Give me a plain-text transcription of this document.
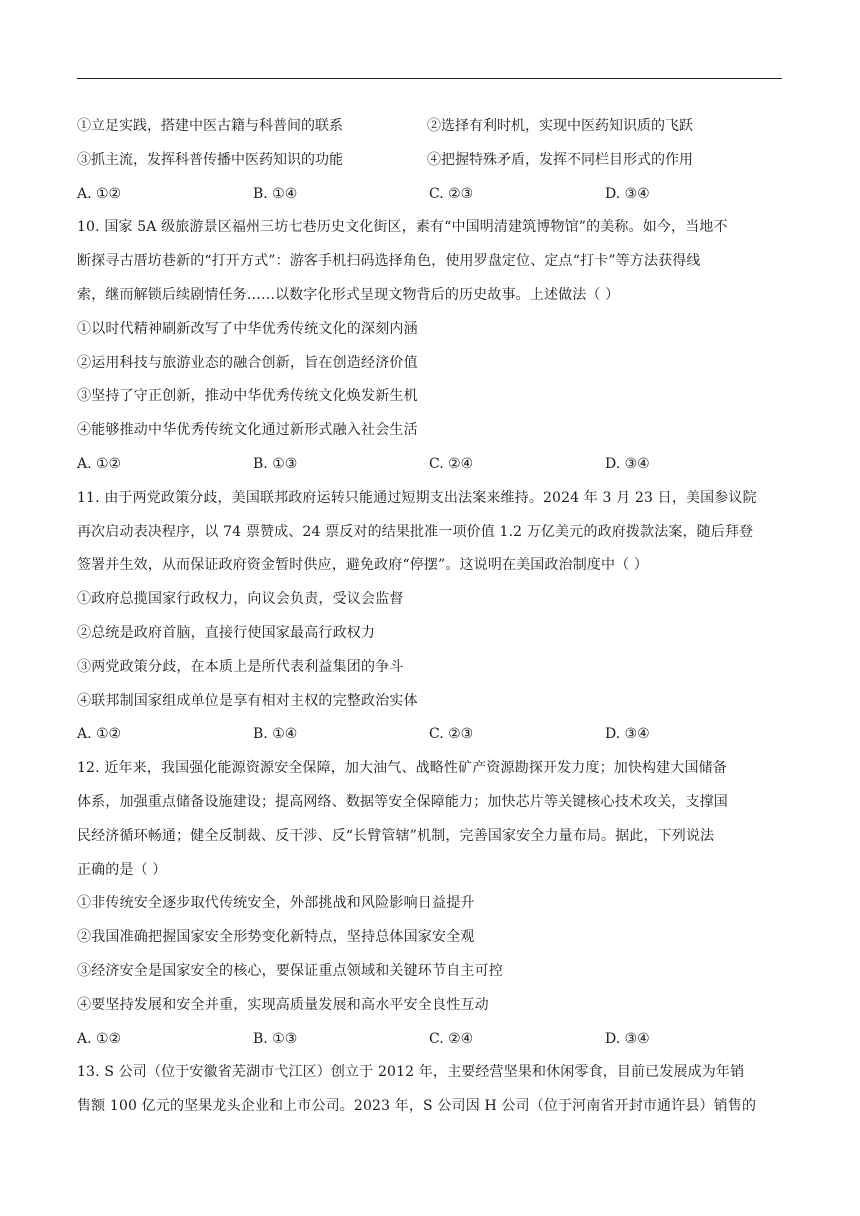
①立足实践，搭建中医古籍与科普间的联系	②选择有利时机，实现中医药知识质的飞跃
③抓主流，发挥科普传播中医药知识的功能	④把握特殊矛盾，发挥不同栏目形式的作用
A. ①②	B. ①④	C. ②③	D. ③④
10. 国家 5A 级旅游景区福州三坊七巷历史文化街区，素有“中国明清建筑博物馆”的美称。如今，当地不
断探寻古厝坊巷新的“打开方式”：游客手机扫码选择角色，使用罗盘定位、定点“打卡”等方法获得线
索，继而解锁后续剧情任务……以数字化形式呈现文物背后的历史故事。上述做法（ ）
①以时代精神刷新改写了中华优秀传统文化的深刻内涵
②运用科技与旅游业态的融合创新，旨在创造经济价值
③坚持了守正创新，推动中华优秀传统文化焕发新生机
④能够推动中华优秀传统文化通过新形式融入社会生活
A. ①②	B. ①③	C. ②④	D. ③④
11. 由于两党政策分歧，美国联邦政府运转只能通过短期支出法案来维持。2024 年 3 月 23 日，美国参议院
再次启动表决程序，以 74 票赞成、24 票反对的结果批准一项价值 1.2 万亿美元的政府拨款法案，随后拜登
签署并生效，从而保证政府资金暂时供应，避免政府“停摆”。这说明在美国政治制度中（ ）
①政府总揽国家行政权力，向议会负责，受议会监督
②总统是政府首脑，直接行使国家最高行政权力
③两党政策分歧，在本质上是所代表利益集团的争斗
④联邦制国家组成单位是享有相对主权的完整政治实体
A. ①②	B. ①④	C. ②③	D. ③④
12. 近年来，我国强化能源资源安全保障，加大油气、战略性矿产资源勘探开发力度；加快构建大国储备
体系，加强重点储备设施建设；提高网络、数据等安全保障能力；加快芯片等关键核心技术攻关，支撑国
民经济循环畅通；健全反制裁、反干涉、反“长臂管辖”机制，完善国家安全力量布局。据此，下列说法
正确的是（ ）
①非传统安全逐步取代传统安全，外部挑战和风险影响日益提升
②我国准确把握国家安全形势变化新特点，坚持总体国家安全观
③经济安全是国家安全的核心，要保证重点领域和关键环节自主可控
④要坚持发展和安全并重，实现高质量发展和高水平安全良性互动
A. ①②	B. ①③	C. ②④	D. ③④
13. S 公司（位于安徽省芜湖市弋江区）创立于 2012 年，主要经营坚果和休闲零食，目前已发展成为年销
售额 100 亿元的坚果龙头企业和上市公司。2023 年，S 公司因 H 公司（位于河南省开封市通许县）销售的
